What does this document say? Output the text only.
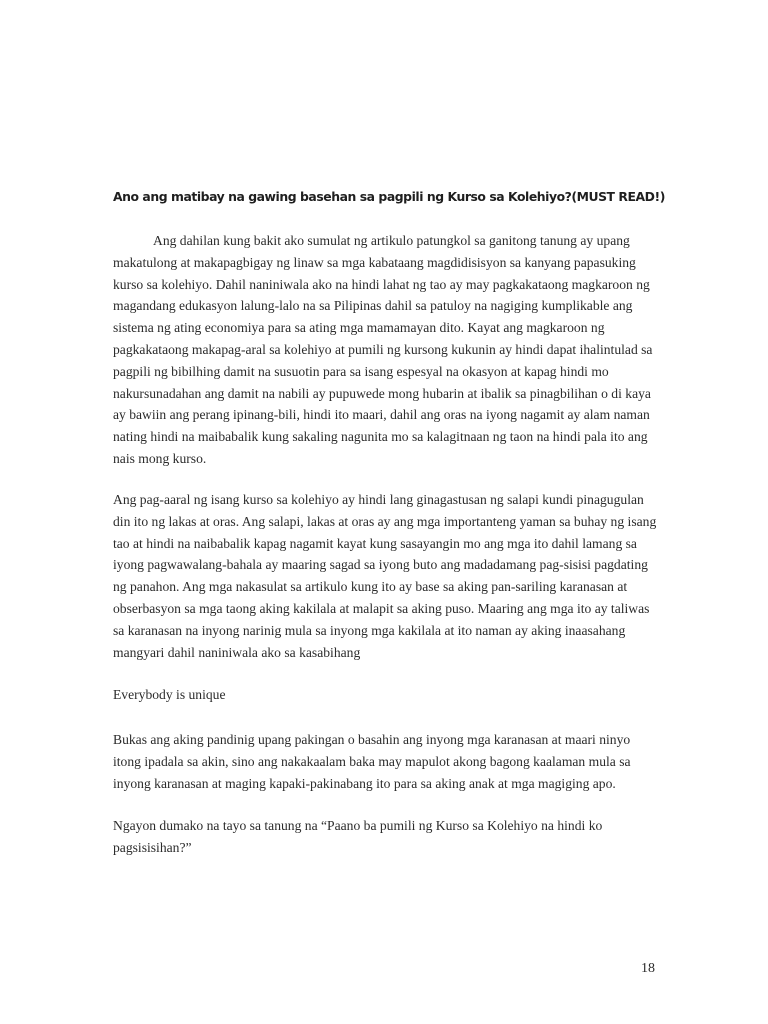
Ano ang matibay na gawing basehan sa pagpili ng Kurso sa Kolehiyo?(MUST READ!)

Ang dahilan kung bakit ako sumulat ng artikulo patungkol sa ganitong tanung ay upang makatulong at makapagbigay ng linaw sa mga kabataang magdidisisyon sa kanyang papasuking kurso sa kolehiyo. Dahil naniniwala ako na hindi lahat ng tao ay may pagkakataong magkaroon ng magandang edukasyon lalung-lalo na sa Pilipinas dahil sa patuloy na nagiging kumplikable ang sistema ng ating economiya para sa ating mga mamamayan dito. Kayat ang magkaroon ng pagkakataong makapag-aral sa kolehiyo at pumili ng kursong kukunin ay hindi dapat ihalintulad sa pagpili ng bibilhing damit na susuotin para sa isang espesyal na okasyon at kapag hindi mo nakursunadahan ang damit na nabili ay pupuwede mong hubarin at ibalik sa pinagbilihan o di kaya ay bawiin ang perang ipinang-bili, hindi ito maari, dahil ang oras na iyong nagamit ay alam naman nating hindi na maibabalik kung sakaling nagunita mo sa kalagitnaan ng taon na hindi pala ito ang nais mong kurso.

Ang pag-aaral ng isang kurso sa kolehiyo ay hindi lang ginagastusan ng salapi kundi pinagugulan din ito ng lakas at oras. Ang salapi, lakas at oras ay ang mga importanteng yaman sa buhay ng isang tao at hindi na naibabalik kapag nagamit kayat kung sasayangin mo ang mga ito dahil lamang sa iyong pagwawalang-bahala ay maaring sagad sa iyong buto ang madadamang pag-sisisi pagdating ng panahon. Ang mga nakasulat sa artikulo kung ito ay base sa aking pan-sariling karanasan at obserbasyon sa mga taong aking kakilala at malapit sa aking puso. Maaring ang mga ito ay taliwas sa karanasan na inyong narinig mula sa inyong mga kakilala at ito naman ay aking inaasahang mangyari dahil naniniwala ako sa kasabihang

Everybody is unique

Bukas ang aking pandinig upang pakingan o basahin ang inyong mga karanasan at maari ninyo itong ipadala sa akin, sino ang nakakaalam baka may mapulot akong bagong kaalaman mula sa inyong karanasan at maging kapaki-pakinabang ito para sa aking anak at mga magiging apo.

Ngayon dumako na tayo sa tanung na “Paano ba pumili ng Kurso sa Kolehiyo na hindi ko pagsisisihan?”

18
